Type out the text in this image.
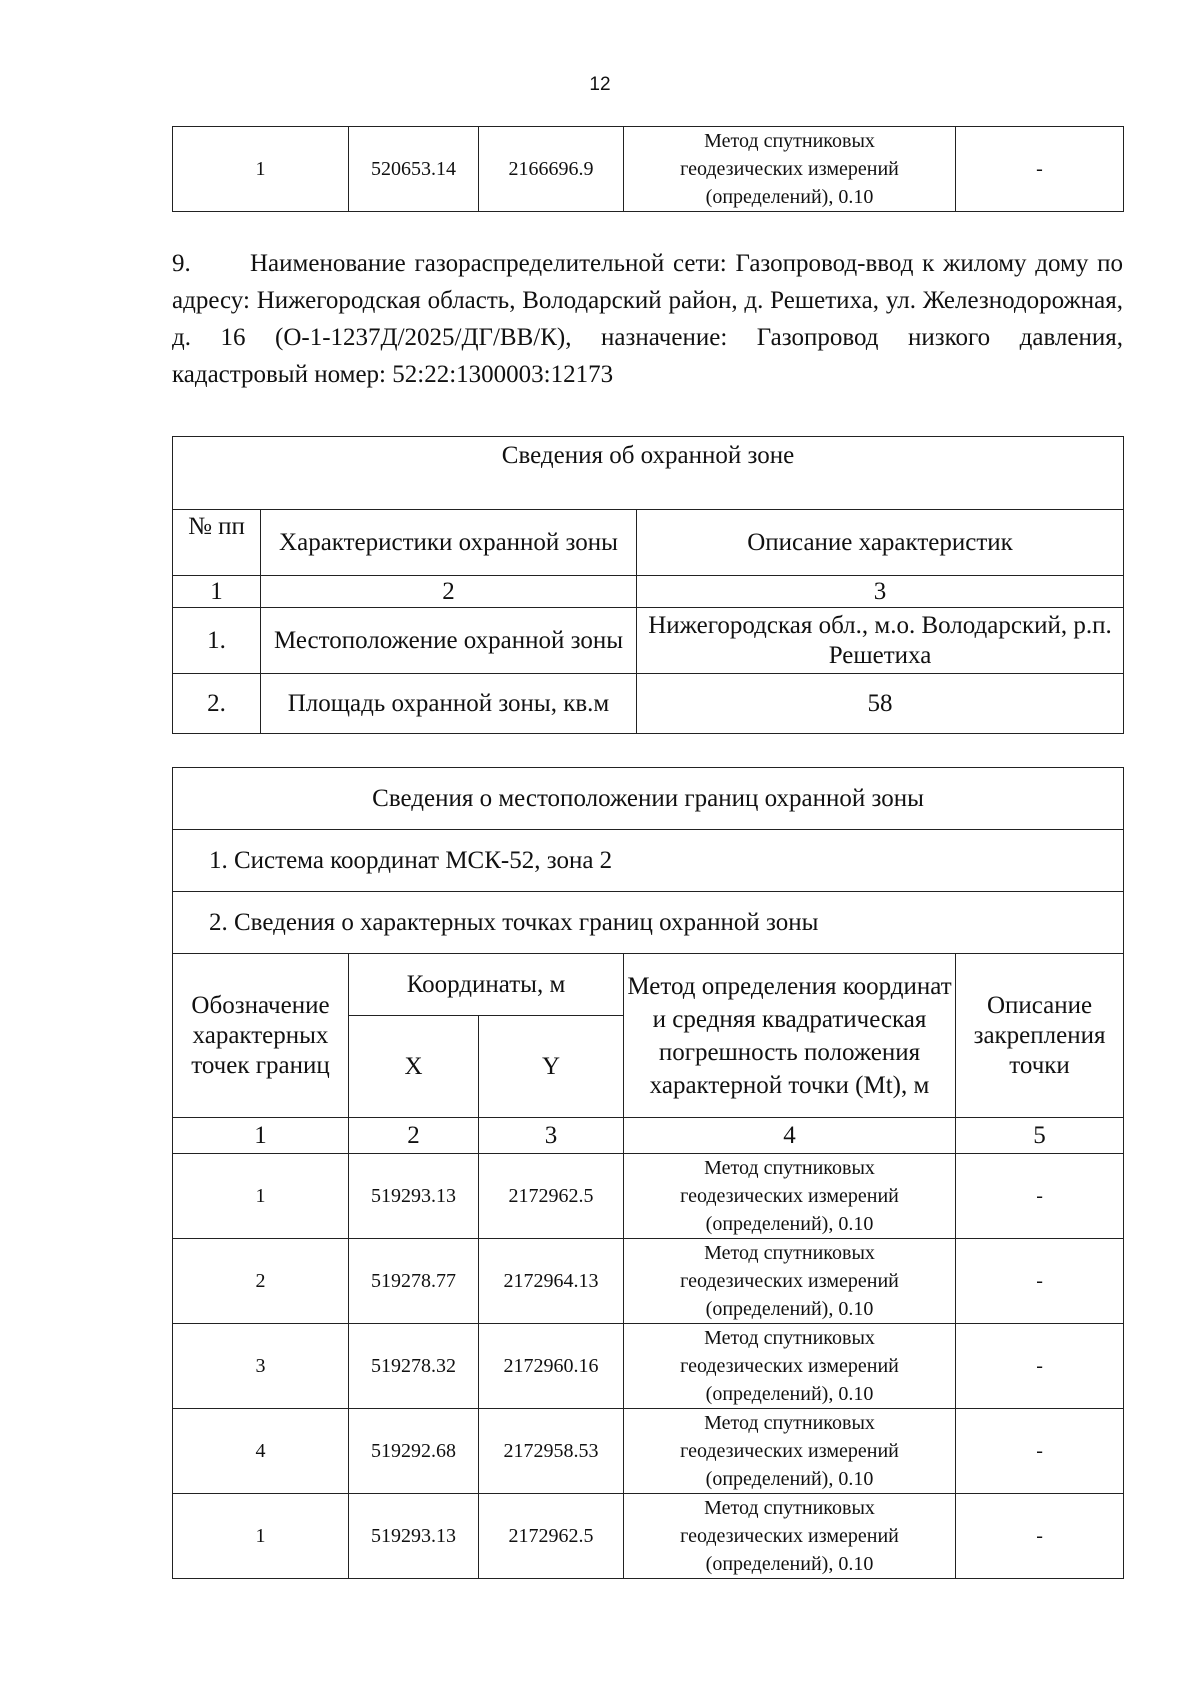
12
1	520653.14	2166696.9	
Метод спутниковых
геодезических измерений
(определений), 0.10
	-
9. Наименование газораспределительной сети: Газопровод-ввод к жилому дому по адресу: Нижегородская область, Володарский район, д. Решетиха, ул. Железнодорожная, д. 16 (О-1-1237Д/2025/ДГ/ВВ/К), назначение: Газопровод низкого давления, кадастровый номер: 52:22:1300003:12173
Сведения об охранной зоне		
№ пп	Характеристики охранной зоны	Описание характеристик
1	2	3
1.	Местоположение охранной зоны	Нижегородская обл., м.о. Володарский, р.п. Решетиха
2.	Площадь охранной зоны, кв.м	58
Сведения о местоположении границ охранной зоны				
1. Система координат МСК-52, зона 2				
2. Сведения о характерных точках границ охранной зоны				
Обозначение характерных точек границ	Координаты, м		Метод определения координат и средняя квадратическая погрешность положения характерной точки (Mt), м	Описание закрепления точки
	X	Y		
1	2	3	4	5
1	519293.13	2172962.5	Метод спутниковых
геодезических измерений
(определений), 0.10	-
2	519278.77	2172964.13	Метод спутниковых
геодезических измерений
(определений), 0.10	-
3	519278.32	2172960.16	Метод спутниковых
геодезических измерений
(определений), 0.10	-
4	519292.68	2172958.53	Метод спутниковых
геодезических измерений
(определений), 0.10	-
1	519293.13	2172962.5	Метод спутниковых
геодезических измерений
(определений), 0.10	-
